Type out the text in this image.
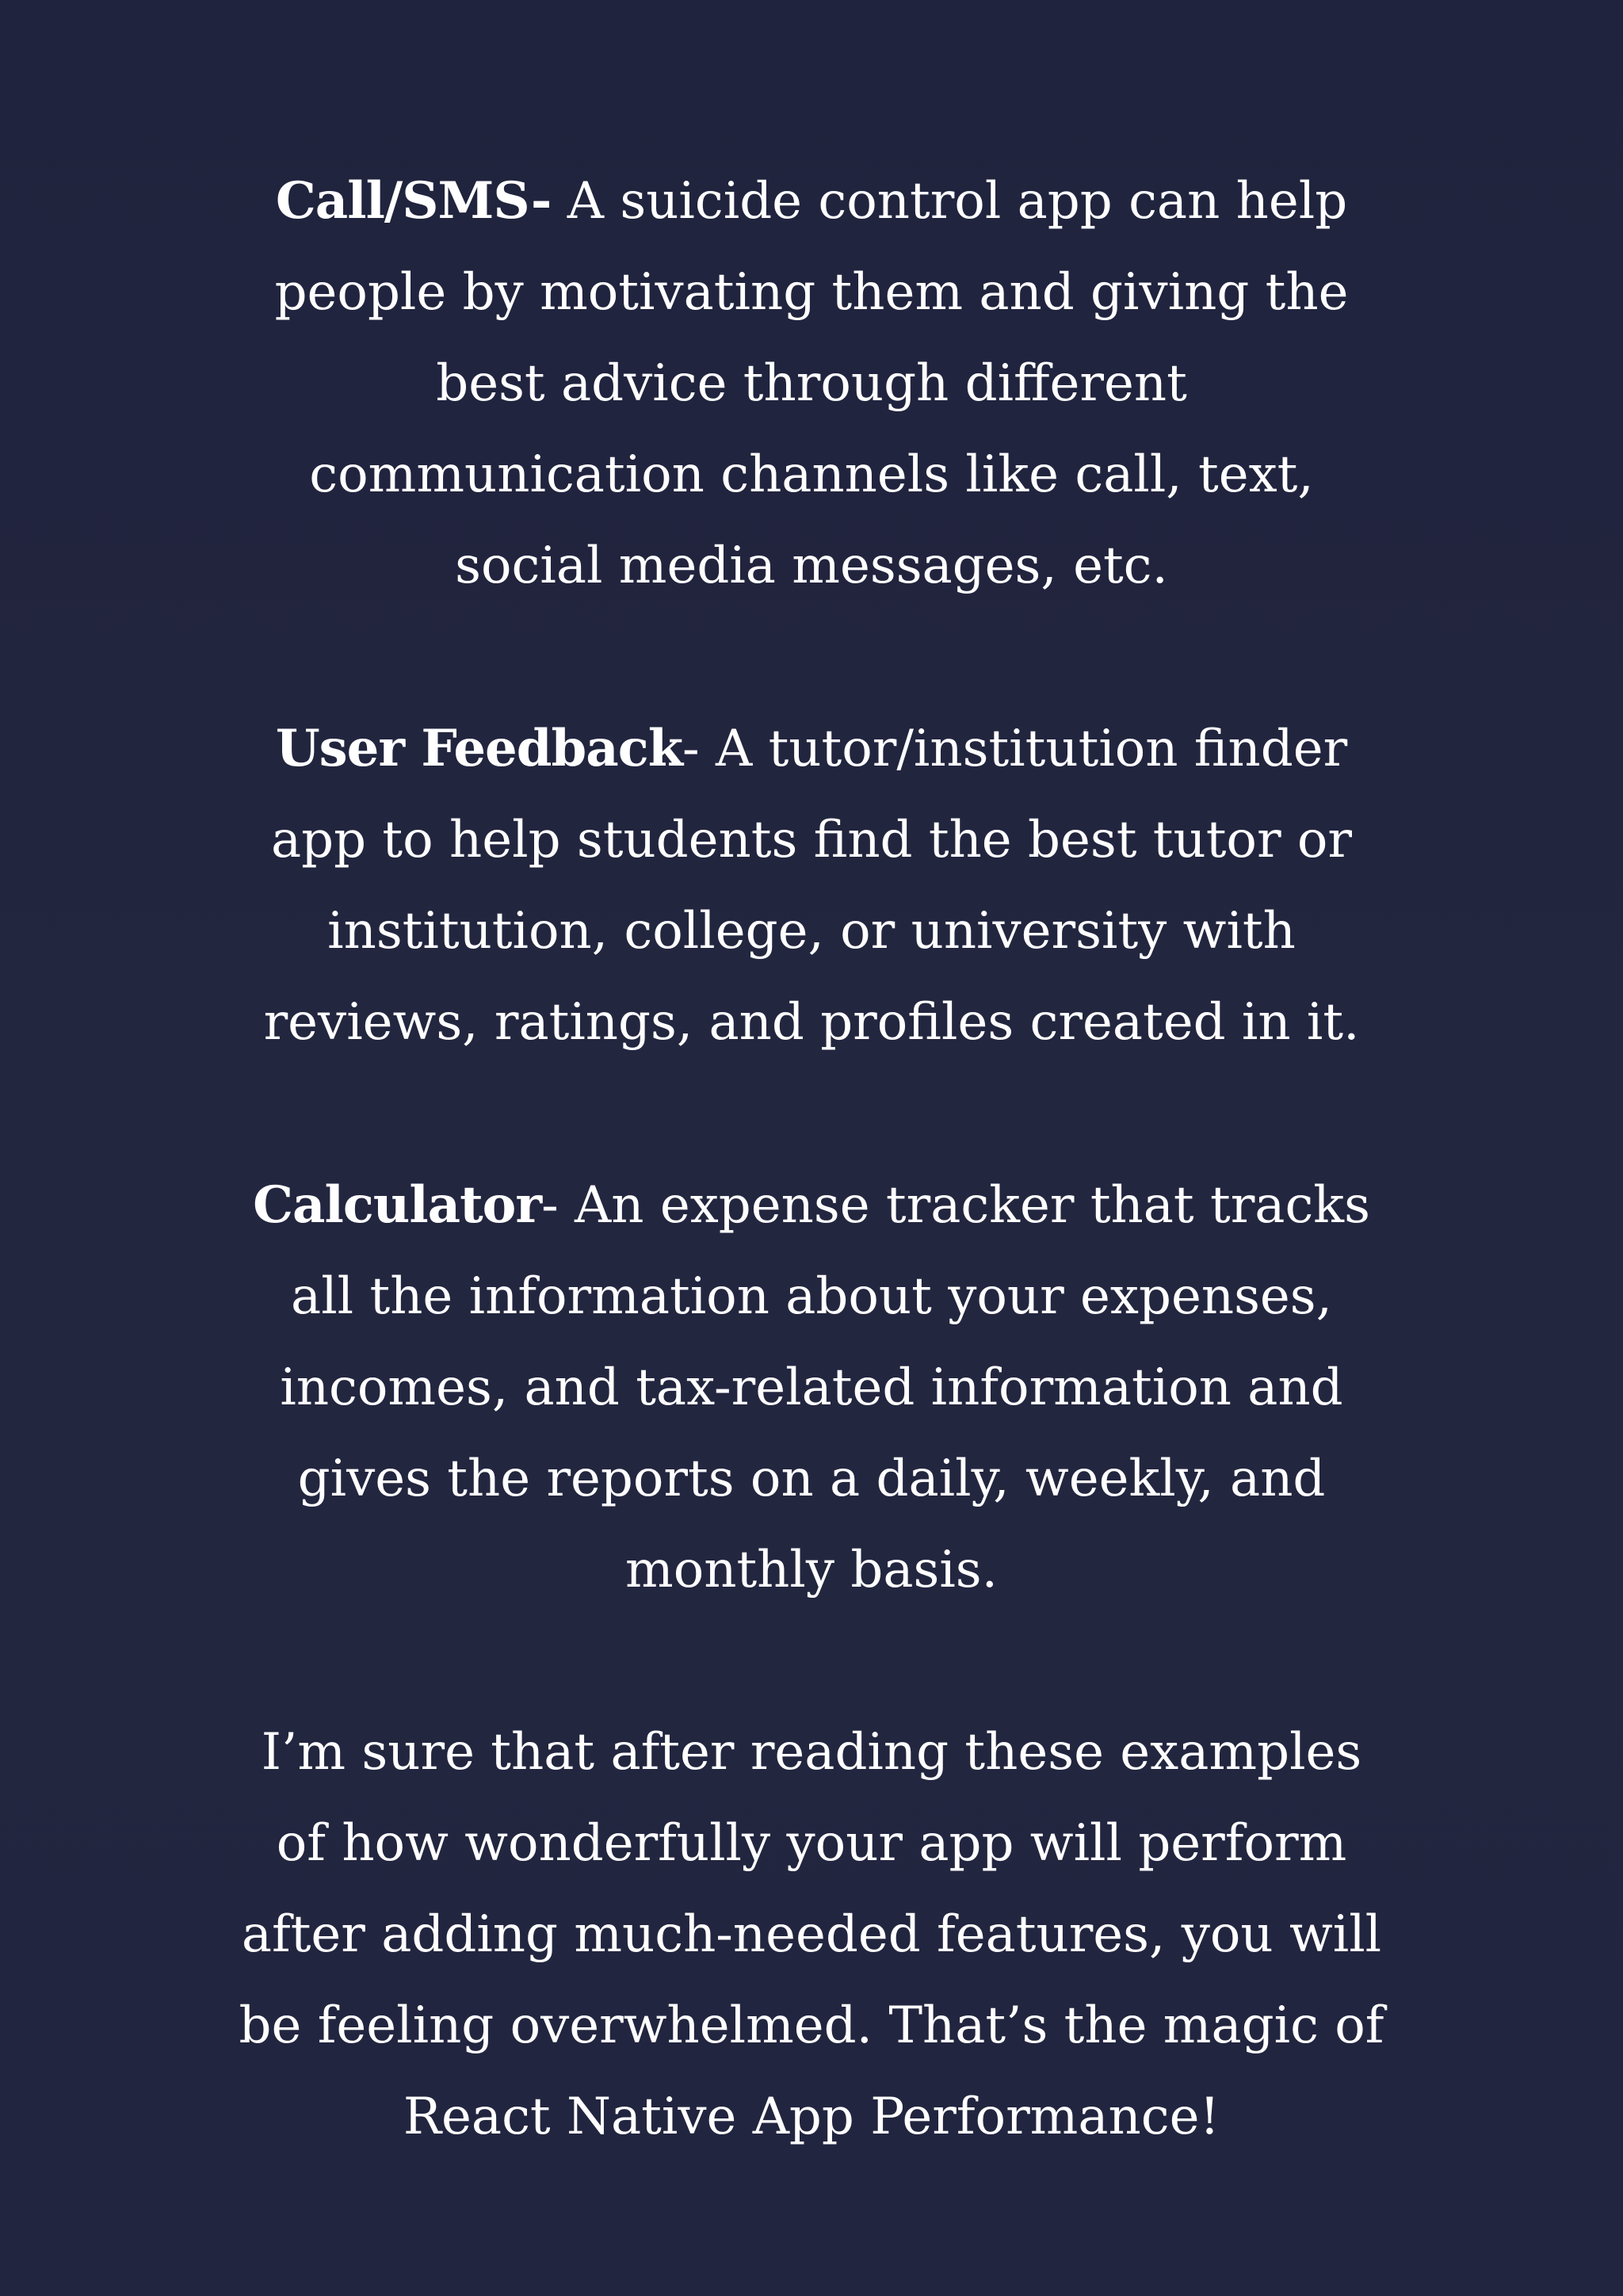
Call/SMS- A suicide control app can help
people by motivating them and giving the
best advice through different
communication channels like call, text,
social media messages, etc.

User Feedback- A tutor/institution finder
app to help students find the best tutor or
institution, college, or university with
reviews, ratings, and profiles created in it.

Calculator- An expense tracker that tracks
all the information about your expenses,
incomes, and tax-related information and
gives the reports on a daily, weekly, and
monthly basis.

I’m sure that after reading these examples
of how wonderfully your app will perform
after adding much-needed features, you will
be feeling overwhelmed. That’s the magic of
React Native App Performance!
